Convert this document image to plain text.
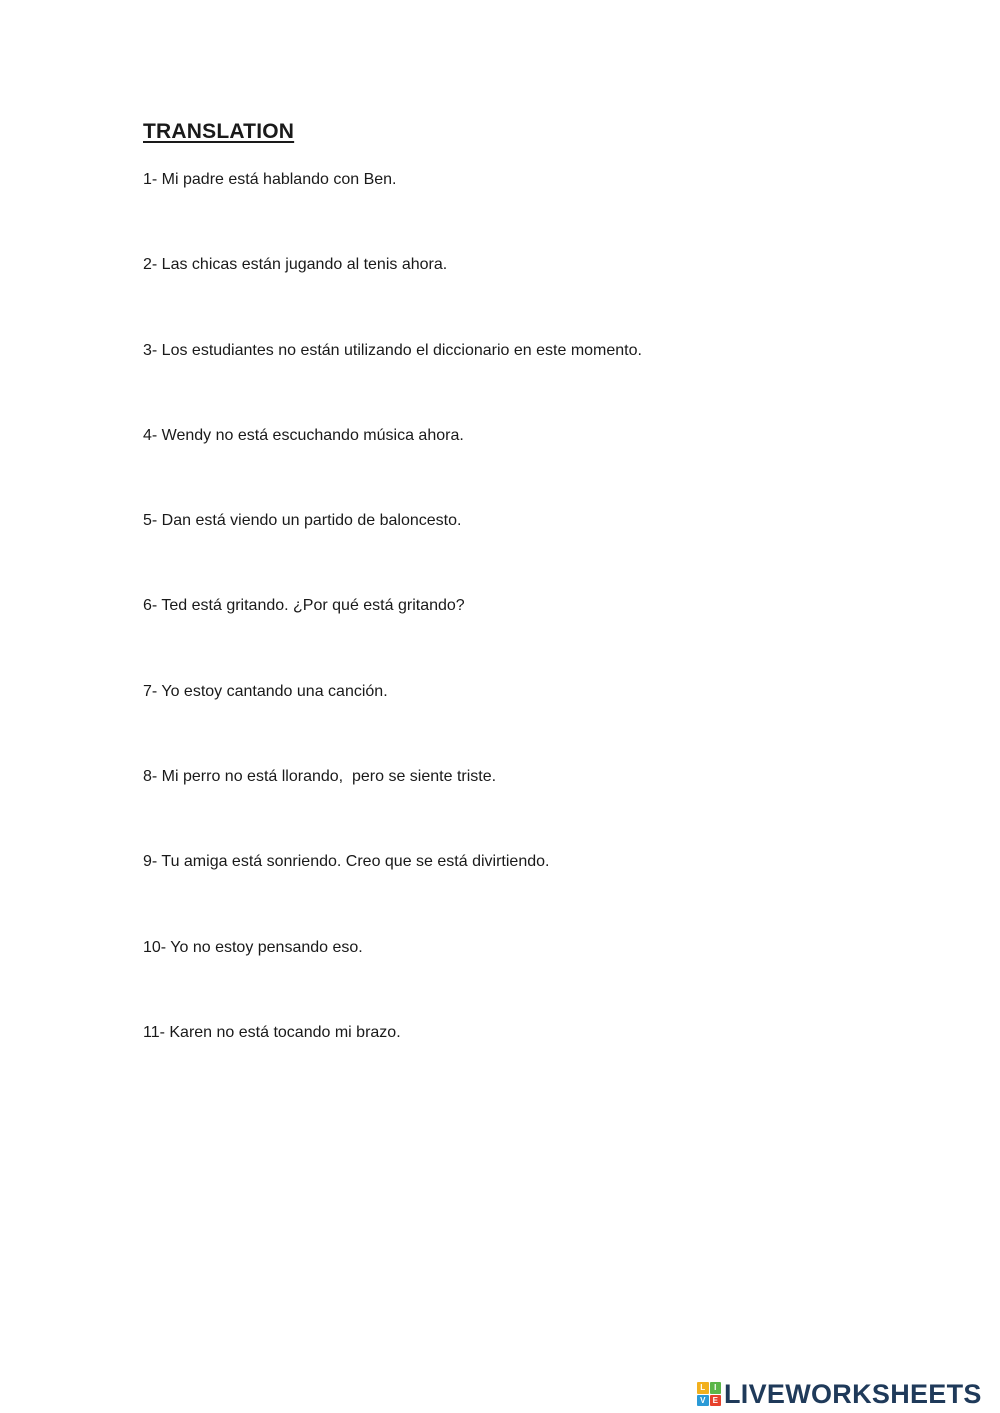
TRANSLATION
1- Mi padre está hablando con Ben.
2- Las chicas están jugando al tenis ahora.
3- Los estudiantes no están utilizando el diccionario en este momento.
4- Wendy no está escuchando música ahora.
5- Dan está viendo un partido de baloncesto.
6- Ted está gritando. ¿Por qué está gritando?
7- Yo estoy cantando una canción.
8- Mi perro no está llorando,  pero se siente triste.
9- Tu amiga está sonriendo. Creo que se está divirtiendo.
10- Yo no estoy pensando eso.
11- Karen no está tocando mi brazo.
L	I
V E LIVEWORKSHEETS
